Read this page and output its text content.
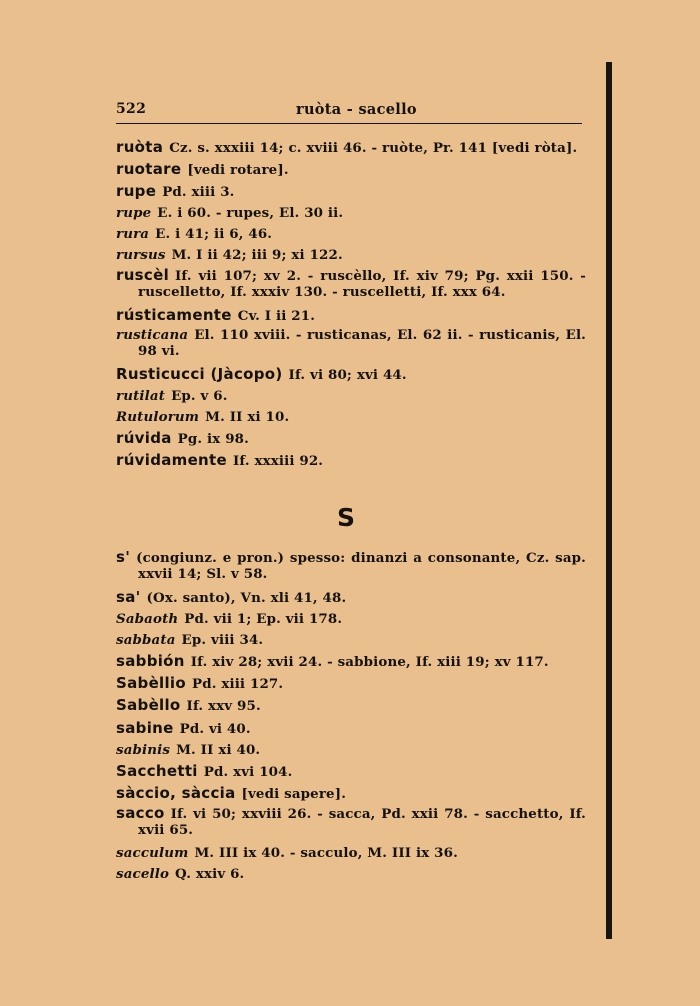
522	ruòta - sacello
ruòta Cz. s. xxxiii 14; c. xviii 46. - ruòte, Pr. 141 [vedi ròta].
ruotare [vedi rotare].
rupe Pd. xiii 3.
rupe E. i 60. - rupes, El. 30 ii.
rura E. i 41; ii 6, 46.
rursus M. I ii 42; iii 9; xi 122.
ruscèl If. vii 107; xv 2. - ruscèllo, If. xiv 79; Pg. xxii 150. - ruscelletto, If. xxxiv 130. - ruscelletti, If. xxx 64.
rústicamente Cv. I ii 21.
rusticana El. 110 xviii. - rusticanas, El. 62 ii. - rusticanis, El. 98 vi.
Rusticucci (Jàcopo) If. vi 80; xvi 44.
rutilat Ep. v 6.
Rutulorum M. II xi 10.
rúvida Pg. ix 98.
rúvidamente If. xxxiii 92.
S
s' (congiunz. e pron.) spesso: dinanzi a consonante, Cz. sap. xxvii 14; Sl. v 58.
sa' (Ox. santo), Vn. xli 41, 48.
Sabaoth Pd. vii 1; Ep. vii 178.
sabbata Ep. viii 34.
sabbión If. xiv 28; xvii 24. - sabbione, If. xiii 19; xv 117.
Sabèllio Pd. xiii 127.
Sabèllo If. xxv 95.
sabine Pd. vi 40.
sabinis M. II xi 40.
Sacchetti Pd. xvi 104.
sàccio, sàccia [vedi sapere].
sacco If. vi 50; xxviii 26. - sacca, Pd. xxii 78. - sacchetto, If. xvii 65.
sacculum M. III ix 40. - sacculo, M. III ix 36.
sacello Q. xxiv 6.
